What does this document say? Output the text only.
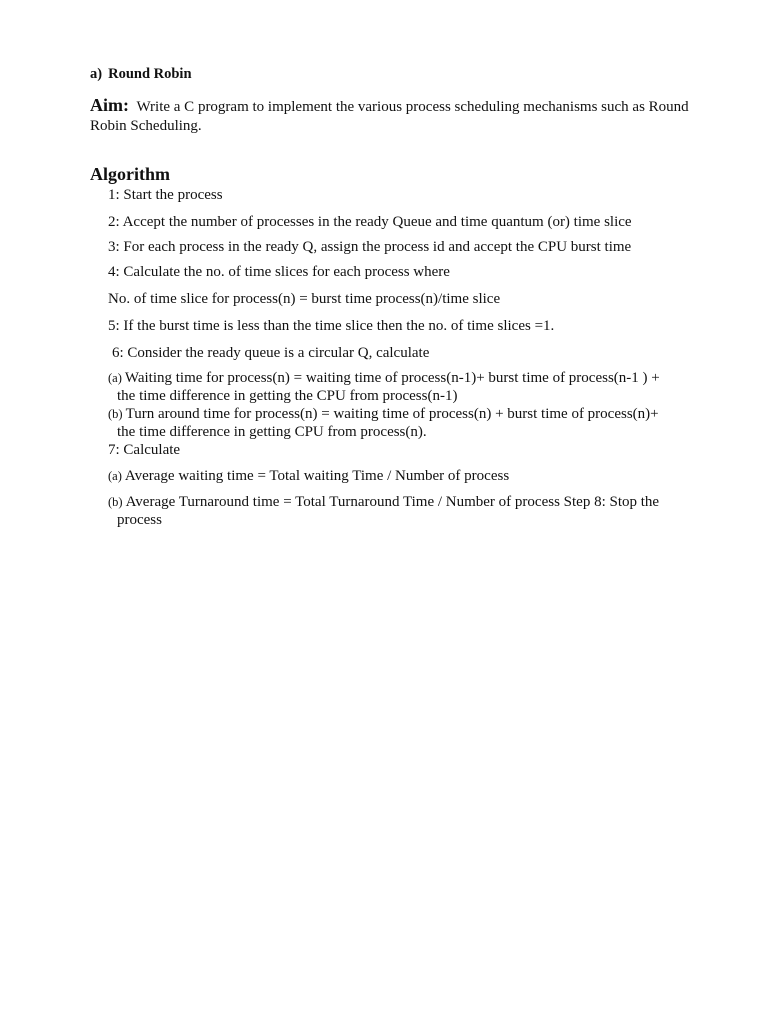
a) Round Robin
Aim: Write a C program to implement the various process scheduling mechanisms such as Round Robin Scheduling.
Algorithm
1: Start the process
2: Accept the number of processes in the ready Queue and time quantum (or) time slice
3: For each process in the ready Q, assign the process id and accept the CPU burst time
4: Calculate the no. of time slices for each process where
No. of time slice for process(n) = burst time process(n)/time slice
5: If the burst time is less than the time slice then the no. of time slices =1.
6: Consider the ready queue is a circular Q, calculate
(a) Waiting time for process(n) = waiting time of process(n-1)+ burst time of process(n-1 ) +
the time difference in getting the CPU from process(n-1)
(b) Turn around time for process(n) = waiting time of process(n) + burst time of process(n)+
the time difference in getting CPU from process(n).
7: Calculate
(a) Average waiting time = Total waiting Time / Number of process
(b) Average Turnaround time = Total Turnaround Time / Number of process Step 8: Stop the
process
